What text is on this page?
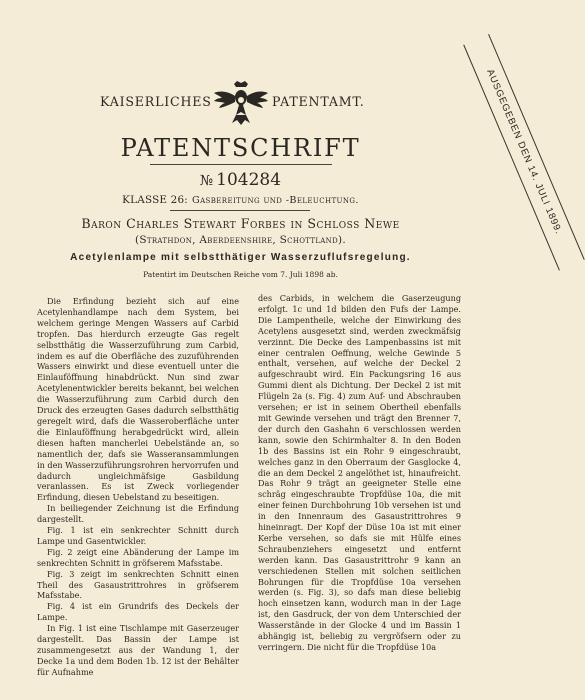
AUSGEGEBEN DEN 14. JULI 1899.
KAISERLICHES	PATENTAMT.
PATENTSCHRIFT
№ 104284
KLASSE 26: Gasbereitung und -Beleuchtung.
Baron Charles Stewart Forbes in Schloss Newe
(Strathdon, Aberdeenshire, Schottland).
Acetylenlampe mit selbstthätiger Wasserzuflufsregelung.
Patentirt im Deutschen Reiche vom 7. Juli 1898 ab.

Die Erfindung bezieht sich auf eine Acetylenhandlampe nach dem System, bei welchem geringe Mengen Wassers auf Carbid tropfen. Das hierdurch erzeugte Gas regelt selbstthätig die Wasserzuführung zum Carbid, indem es auf die Oberfläche des zuzuführenden Wassers einwirkt und diese eventuell unter die Einlauföffnung hinabdrückt. Nun sind zwar Acetylenentwickler bereits bekannt, bei welchen die Wasserzuführung zum Carbid durch den Druck des erzeugten Gases dadurch selbstthätig geregelt wird, dafs die Wasseroberfläche unter die Einlauföffnung herabgedrückt wird, allein diesen haften mancherlei Uebelstände an, so namentlich der, dafs sie Wasseransammlungen in den Wasserzuführungsrohren hervorrufen und dadurch ungleichmäfsige Gasbildung veranlassen. Es ist Zweck vorliegender Erfindung, diesen Uebelstand zu beseitigen.

In beiliegender Zeichnung ist die Erfindung dargestellt.

Fig. 1 ist ein senkrechter Schnitt durch Lampe und Gasentwickler.

Fig. 2 zeigt eine Abänderung der Lampe im senkrechten Schnitt in gröfserem Mafsstabe.

Fig. 3 zeigt im senkrechten Schnitt einen Theil des Gasaustrittrohres in gröfserem Mafsstabe.

Fig. 4 ist ein Grundrifs des Deckels der Lampe.

In Fig. 1 ist eine Tischlampe mit Gaserzeuger dargestellt. Das Bassin der Lampe ist zusammengesetzt aus der Wandung 1, der Decke 1a und dem Boden 1b. 12 ist der Behälter für Aufnahme

des Carbids, in welchem die Gaserzeugung erfolgt. 1c und 1d bilden den Fufs der Lampe. Die Lampentheile, welche der Einwirkung des Acetylens ausgesetzt sind, werden zweckmäfsig verzinnt. Die Decke des Lampenbassins ist mit einer centralen Oeffnung, welche Gewinde 5 enthalt, versehen, auf welche der Deckel 2 aufgeschraubt wird. Ein Packungsring 16 aus Gummi dient als Dichtung. Der Deckel 2 ist mit Flügeln 2a (s. Fig. 4) zum Auf- und Abschrauben versehen; er ist in seinem Obertheil ebenfalls mit Gewinde versehen und trägt den Brenner 7, der durch den Gashahn 6 verschlossen werden kann, sowie den Schirmhalter 8. In den Boden 1b des Bassins ist ein Rohr 9 eingeschraubt, welches ganz in den Oberraum der Gasglocke 4, die an dem Deckel 2 angelöthet ist, hinaufreicht. Das Rohr 9 trägt an geeigneter Stelle eine schräg eingeschraubte Tropfdüse 10a, die mit einer feinen Durchbohrung 10b versehen ist und in den Innenraum des Gasaustrittrohres 9 hineinragt. Der Kopf der Düse 10a ist mit einer Kerbe versehen, so dafs sie mit Hülfe eines Schraubenziehers eingesetzt und entfernt werden kann. Das Gasaustrittrohr 9 kann an verschiedenen Stellen mit solchen seitlichen Bohrungen für die Tropfdüse 10a versehen werden (s. Fig. 3), so dafs man diese beliebig hoch einsetzen kann, wodurch man in der Lage ist, den Gasdruck, der von dem Unterschied der Wasserstände in der Glocke 4 und im Bassin 1 abhängig ist, beliebig zu vergröfsern oder zu verringern. Die nicht für die Tropfdüse 10a
